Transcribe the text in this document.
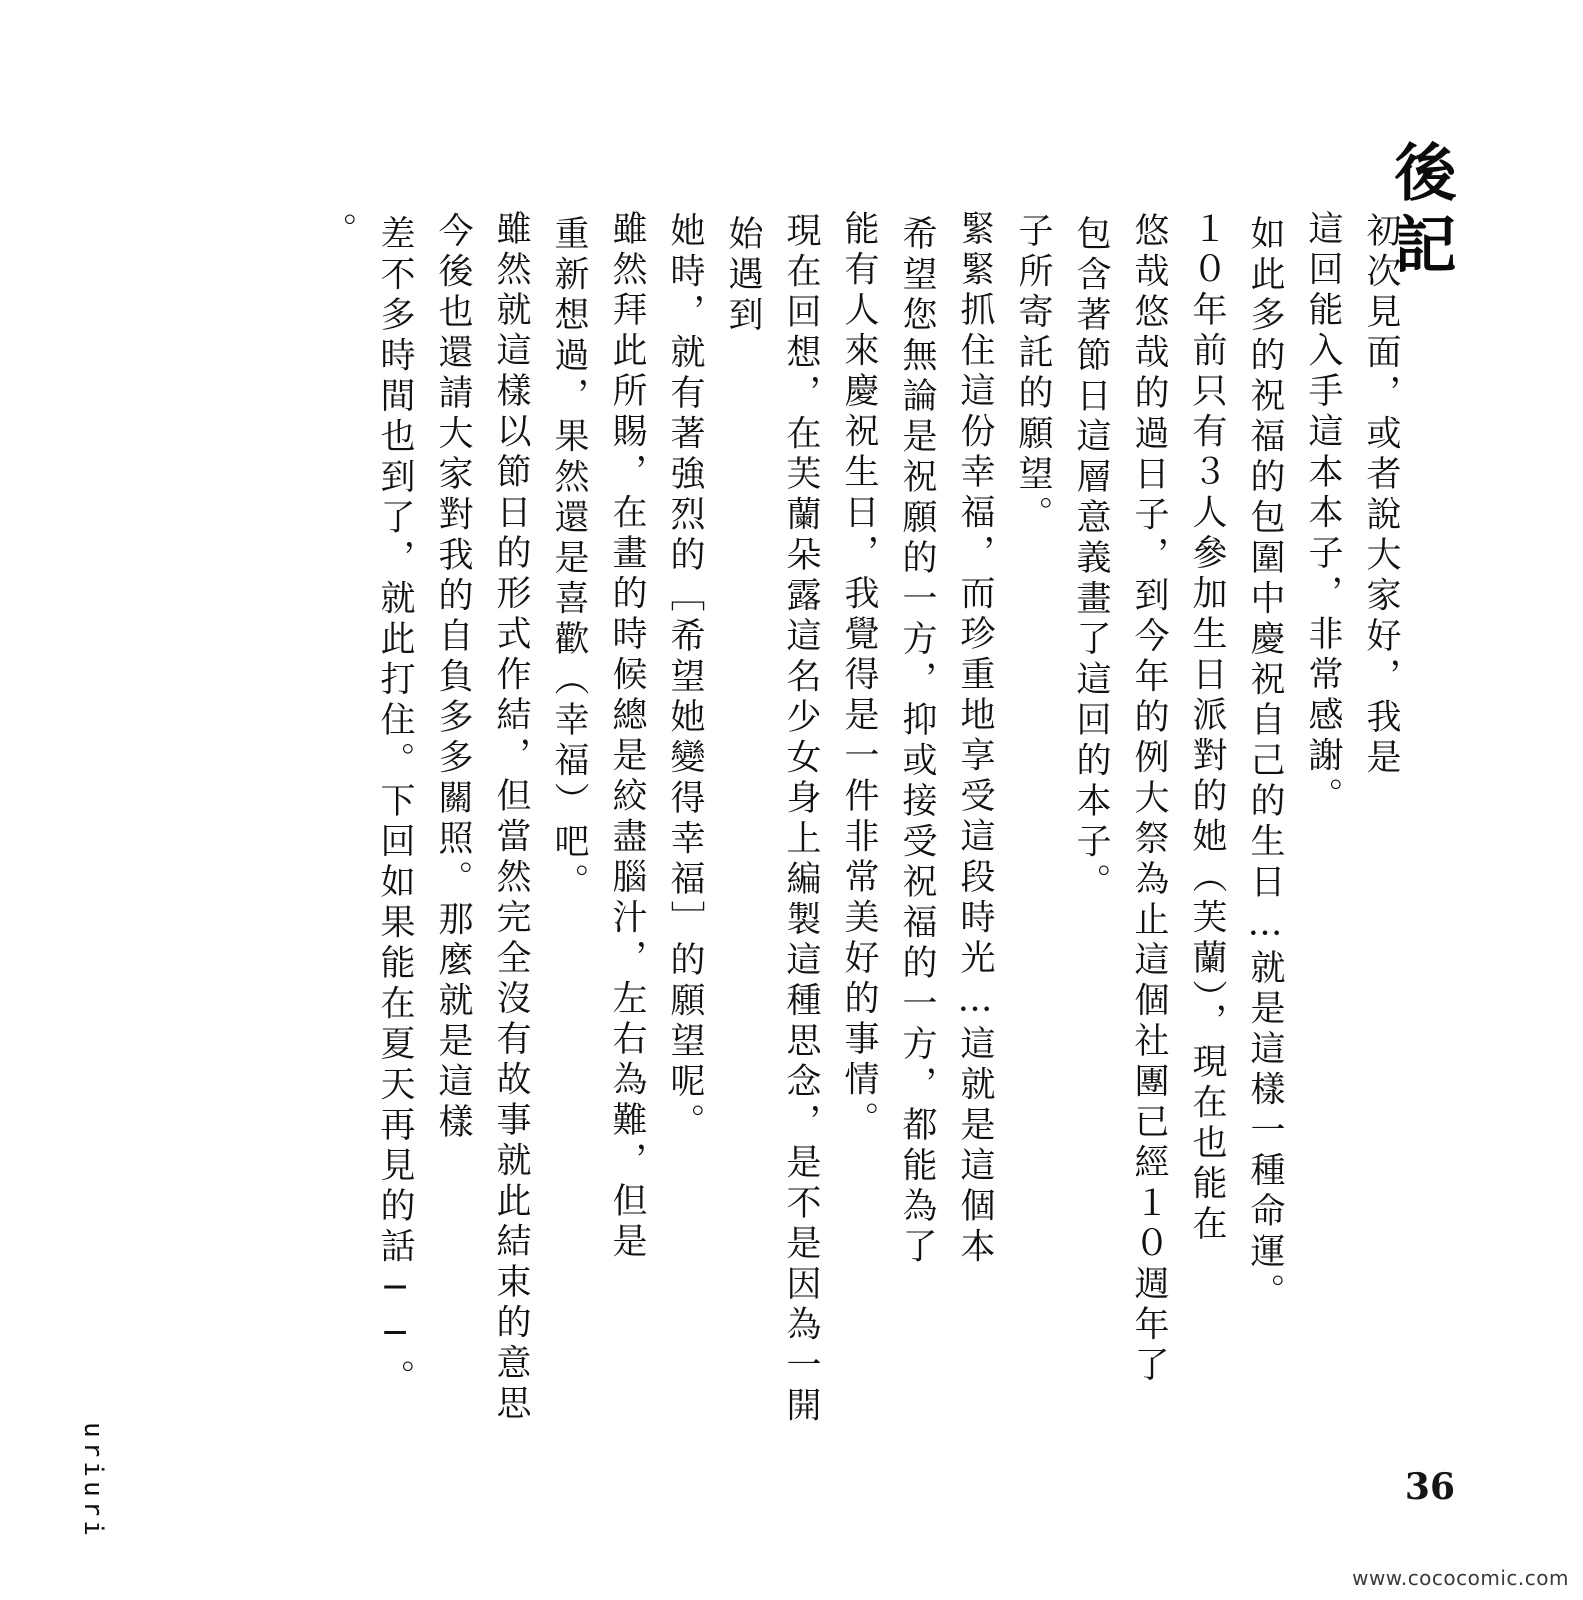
後記
初次見面，或者說大家好，我是
這回能入手這本本子，非常感謝。
如此多的祝福的包圍中慶祝自己的生日…就是這樣一種命運。
１０年前只有３人參加生日派對的她（芙蘭），現在也能在
悠哉悠哉的過日子，到今年的例大祭為止這個社團已經１０週年了
包含著節日這層意義畫了這回的本子。
子所寄託的願望。
緊緊抓住這份幸福，而珍重地享受這段時光…這就是這個本
希望您無論是祝願的一方，抑或接受祝福的一方，都能為了
能有人來慶祝生日，我覺得是一件非常美好的事情。
現在回想，在芙蘭朵露這名少女身上編製這種思念，是不是因為一開
始遇到
她時，就有著強烈的［希望她變得幸福］的願望呢。
雖然拜此所賜，在畫的時候總是絞盡腦汁，左右為難，但是
重新想過，果然還是喜歡（幸福）吧。
雖然就這樣以節日的形式作結，但當然完全沒有故事就此結束的意思
今後也還請大家對我的自負多多關照。那麼就是這樣
差不多時間也到了，就此打住。下回如果能在夏天再見的話──。
。
36
uriuri
www.cococomic.com
